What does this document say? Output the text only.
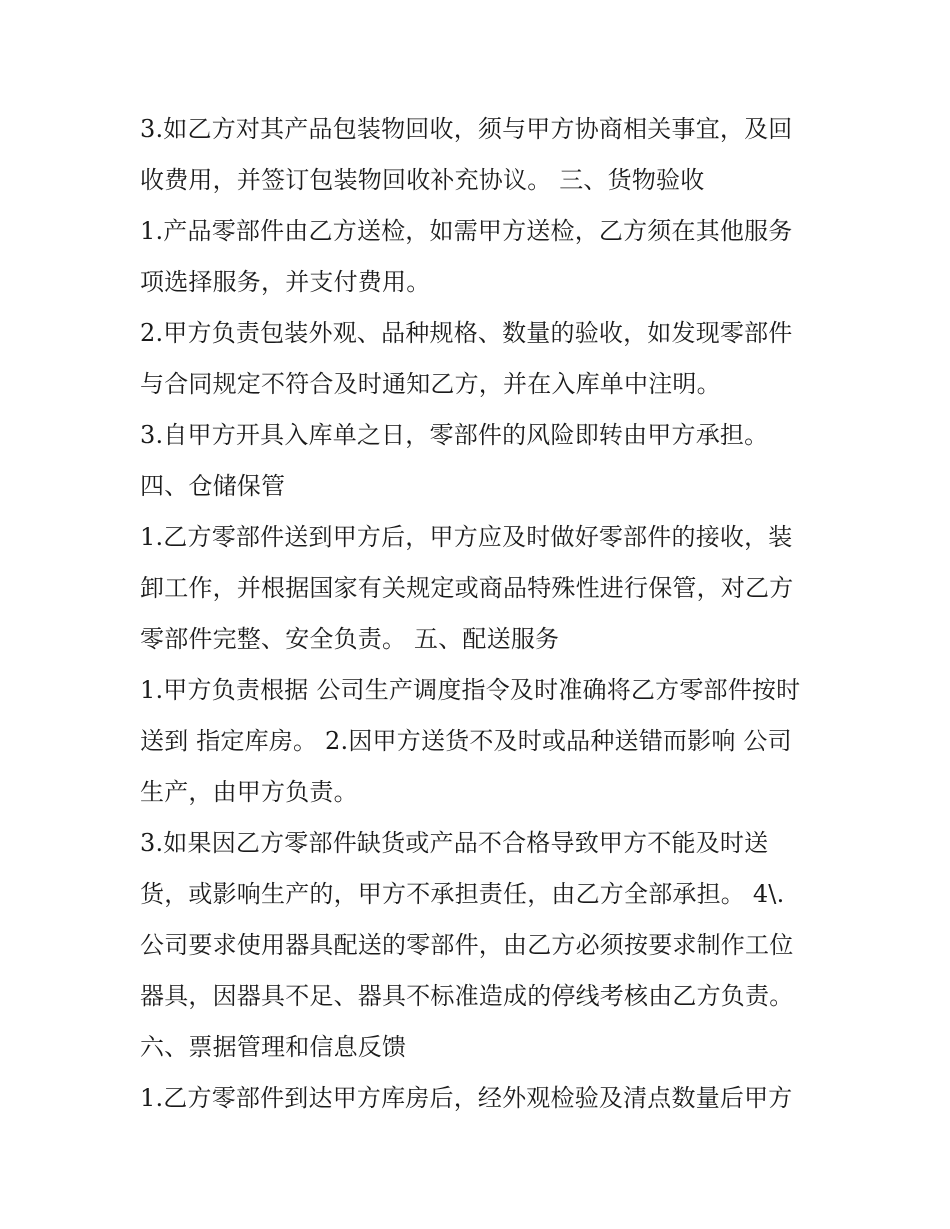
3.如乙方对其产品包装物回收，须与甲方协商相关事宜，及回
收费用，并签订包装物回收补充协议。 三、货物验收
1.产品零部件由乙方送检，如需甲方送检，乙方须在其他服务
项选择服务，并支付费用。
2.甲方负责包装外观、品种规格、数量的验收，如发现零部件
与合同规定不符合及时通知乙方，并在入库单中注明。
3.自甲方开具入库单之日，零部件的风险即转由甲方承担。
四、仓储保管
1.乙方零部件送到甲方后，甲方应及时做好零部件的接收，装
卸工作，并根据国家有关规定或商品特殊性进行保管，对乙方
零部件完整、安全负责。 五、配送服务
1.甲方负责根据 公司生产调度指令及时准确将乙方零部件按时
送到 指定库房。 2.因甲方送货不及时或品种送错而影响 公司
生产，由甲方负责。
3.如果因乙方零部件缺货或产品不合格导致甲方不能及时送
货，或影响生产的，甲方不承担责任，由乙方全部承担。 4\.
公司要求使用器具配送的零部件，由乙方必须按要求制作工位
器具，因器具不足、器具不标准造成的停线考核由乙方负责。
六、票据管理和信息反馈
1.乙方零部件到达甲方库房后，经外观检验及清点数量后甲方
